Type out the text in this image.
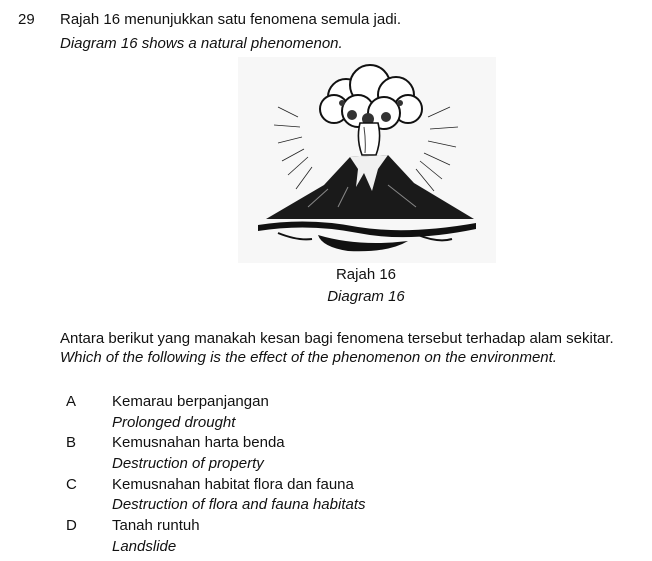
29 Rajah 16 menunjukkan satu fenomena semula jadi.
Diagram 16 shows a natural phenomenon.
Rajah 16
Diagram 16
Antara berikut yang manakah kesan bagi fenomena tersebut terhadap alam sekitar.
Which of the following is the effect of the phenomenon on the environment.
A Kemarau berpanjangan
Prolonged drought
B Kemusnahan harta benda
Destruction of property
C Kemusnahan habitat flora dan fauna
Destruction of flora and fauna habitats
D Tanah runtuh
Landslide
